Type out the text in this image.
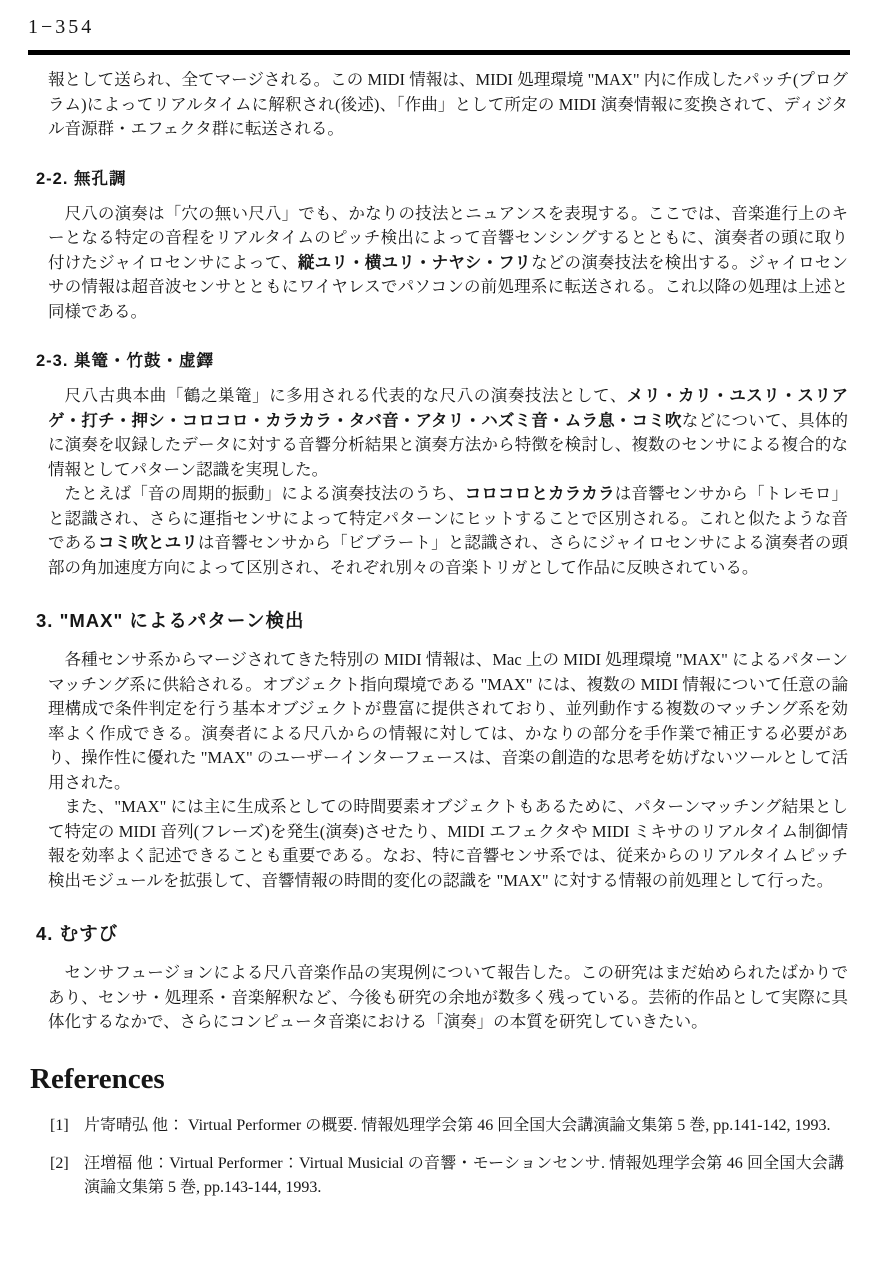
1−354

報として送られ、全てマージされる。この MIDI 情報は、MIDI 処理環境 "MAX" 内に作成したパッチ(プログラム)によってリアルタイムに解釈され(後述)、「作曲」として所定の MIDI 演奏情報に変換されて、ディジタル音源群・エフェクタ群に転送される。

2-2. 無孔調

尺八の演奏は「穴の無い尺八」でも、かなりの技法とニュアンスを表現する。ここでは、音楽進行上のキーとなる特定の音程をリアルタイムのピッチ検出によって音響センシングするとともに、演奏者の頭に取り付けたジャイロセンサによって、縦ユリ・横ユリ・ナヤシ・フリなどの演奏技法を検出する。ジャイロセンサの情報は超音波センサとともにワイヤレスでパソコンの前処理系に転送される。これ以降の処理は上述と同様である。

2-3. 巣篭・竹鼓・虚鐸

尺八古典本曲「鶴之巣篭」に多用される代表的な尺八の演奏技法として、メリ・カリ・ユスリ・スリアゲ・打チ・押シ・コロコロ・カラカラ・タバ音・アタリ・ハズミ音・ムラ息・コミ吹などについて、具体的に演奏を収録したデータに対する音響分析結果と演奏方法から特徴を検討し、複数のセンサによる複合的な情報としてパターン認識を実現した。

たとえば「音の周期的振動」による演奏技法のうち、コロコロとカラカラは音響センサから「トレモロ」と認識され、さらに運指センサによって特定パターンにヒットすることで区別される。これと似たような音であるコミ吹とユリは音響センサから「ビブラート」と認識され、さらにジャイロセンサによる演奏者の頭部の角加速度方向によって区別され、それぞれ別々の音楽トリガとして作品に反映されている。

3. "MAX" によるパターン検出

各種センサ系からマージされてきた特別の MIDI 情報は、Mac 上の MIDI 処理環境 "MAX" によるパターンマッチング系に供給される。オブジェクト指向環境である "MAX" には、複数の MIDI 情報について任意の論理構成で条件判定を行う基本オブジェクトが豊富に提供されており、並列動作する複数のマッチング系を効率よく作成できる。演奏者による尺八からの情報に対しては、かなりの部分を手作業で補正する必要があり、操作性に優れた "MAX" のユーザーインターフェースは、音楽の創造的な思考を妨げないツールとして活用された。

また、"MAX" には主に生成系としての時間要素オブジェクトもあるために、パターンマッチング結果として特定の MIDI 音列(フレーズ)を発生(演奏)させたり、MIDI エフェクタや MIDI ミキサのリアルタイム制御情報を効率よく記述できることも重要である。なお、特に音響センサ系では、従来からのリアルタイムピッチ検出モジュールを拡張して、音響情報の時間的変化の認識を "MAX" に対する情報の前処理として行った。

4. むすび

センサフュージョンによる尺八音楽作品の実現例について報告した。この研究はまだ始められたばかりであり、センサ・処理系・音楽解釈など、今後も研究の余地が数多く残っている。芸術的作品として実際に具体化するなかで、さらにコンピュータ音楽における「演奏」の本質を研究していきたい。

References
[1] 片寄晴弘 他： Virtual Performer の概要. 情報処理学会第 46 回全国大会講演論文集第 5 巻, pp.141-142, 1993.
[2] 汪増福 他：Virtual Performer：Virtual Musicial の音響・モーションセンサ. 情報処理学会第 46 回全国大会講演論文集第 5 巻, pp.143-144, 1993.
